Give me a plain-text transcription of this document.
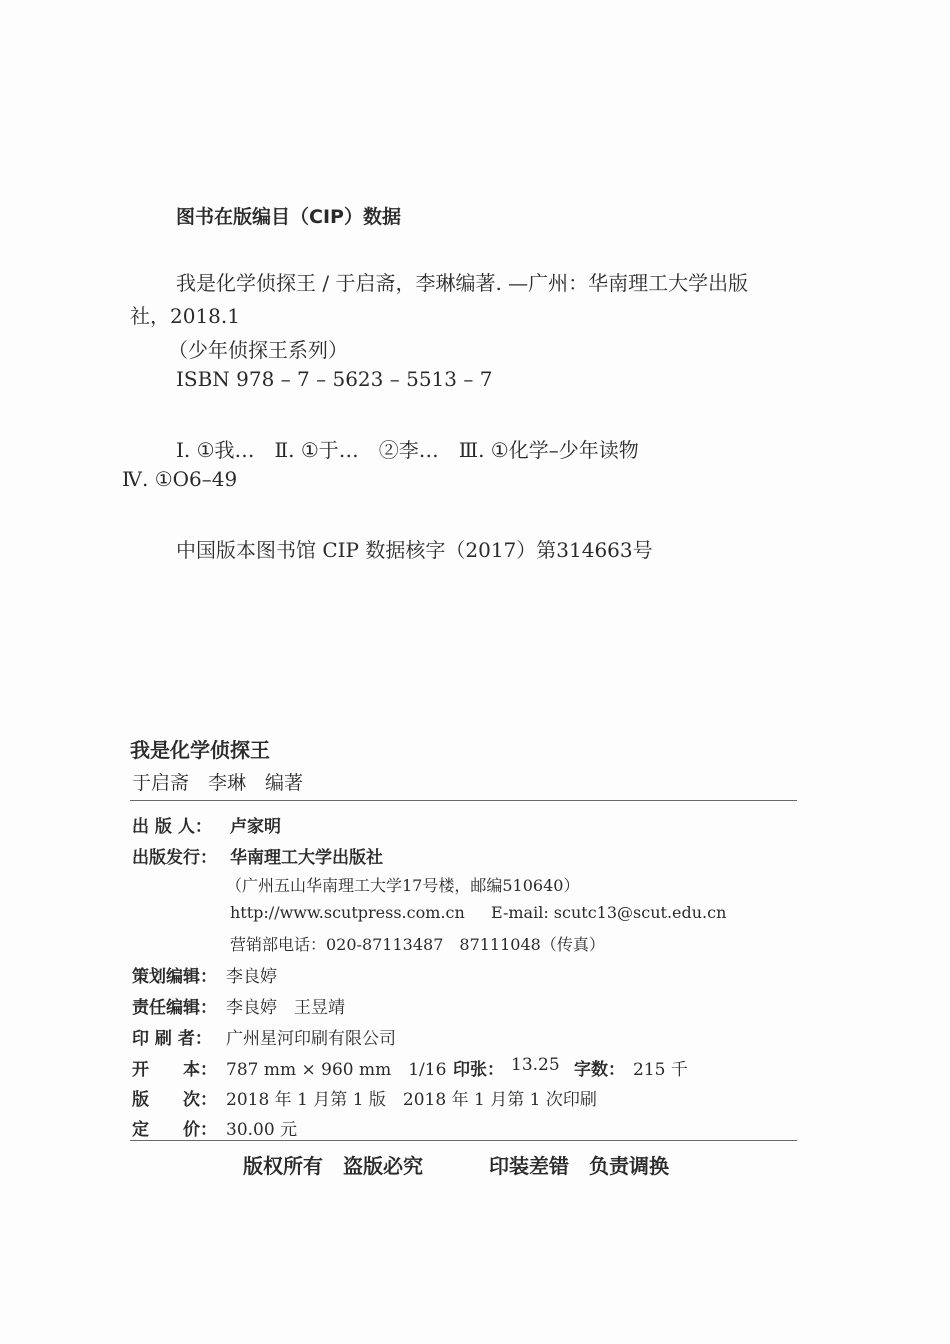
图书在版编目（CIP）数据
我是化学侦探王 / 于启斋，李琳编著. —广州：华南理工大学出版
社，2018.1
（少年侦探王系列）
ISBN 978 – 7 – 5623 – 5513 – 7
Ⅰ. ①我…　Ⅱ. ①于…　②李…　Ⅲ. ①化学–少年读物
Ⅳ. ①O6–49
中国版本图书馆 CIP 数据核字（2017）第314663号
我是化学侦探王
于启斋　李琳　编著
出 版 人： 卢家明
出版发行： 华南理工大学出版社
（广州五山华南理工大学17号楼，邮编510640）
http://www.scutpress.com.cn E-mail: scutc13@scut.edu.cn
营销部电话：020-87113487　87111048（传真）
策划编辑： 李良婷
责任编辑： 李良婷　王昱靖
印 刷 者： 广州星河印刷有限公司
开　　本： 787 mm × 960 mm　1/16 印张： 13.25 字数： 215 千
版　　次： 2018 年 1 月第 1 版　2018 年 1 月第 1 次印刷
定　　价： 30.00 元
版权所有　盗版必究	印装差错　负责调换
